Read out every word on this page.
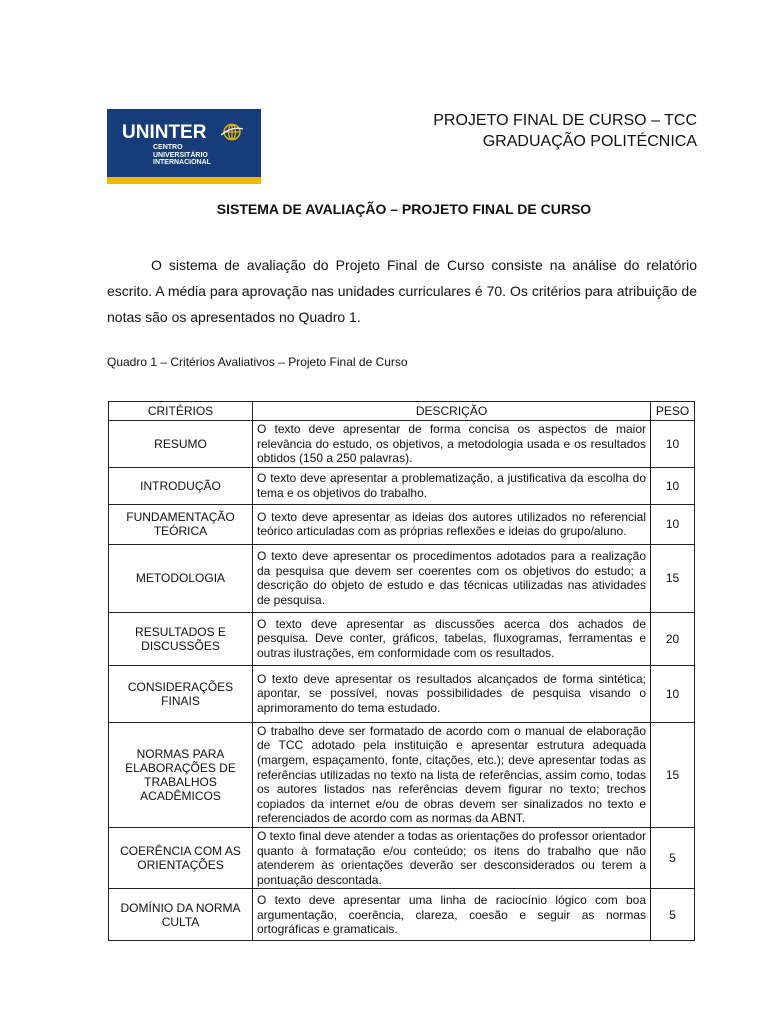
UNINTER
CENTRO
UNIVERSITÁRIO
INTERNACIONAL
PROJETO FINAL DE CURSO – TCC
GRADUAÇÃO POLITÉCNICA
SISTEMA DE AVALIAÇÃO – PROJETO FINAL DE CURSO

O sistema de avaliação do Projeto Final de Curso consiste na análise do relatório escrito. A média para aprovação nas unidades curriculares é 70. Os critérios para atribuição de notas são os apresentados no Quadro 1.

Quadro 1 – Critérios Avaliativos – Projeto Final de Curso
CRITÉRIOS	DESCRIÇÃO	PESO
RESUMO	O texto deve apresentar de forma concisa os aspectos de maior relevância do estudo, os objetivos, a metodologia usada e os resultados obtidos (150 a 250 palavras).	10
INTRODUÇÃO	O texto deve apresentar a problematização, a justificativa da escolha do tema e os objetivos do trabalho.	10
FUNDAMENTAÇÃO TEÓRICA	O texto deve apresentar as ideias dos autores utilizados no referencial teórico articuladas com as próprias reflexões e ideias do grupo/aluno.	10
METODOLOGIA	O texto deve apresentar os procedimentos adotados para a realização da pesquisa que devem ser coerentes com os objetivos do estudo; a descrição do objeto de estudo e das técnicas utilizadas nas atividades de pesquisa.	15
RESULTADOS E DISCUSSÕES	O texto deve apresentar as discussões acerca dos achados de pesquisa. Deve conter, gráficos, tabelas, fluxogramas, ferramentas e outras ilustrações, em conformidade com os resultados.	20
CONSIDERAÇÕES FINAIS	O texto deve apresentar os resultados alcançados de forma sintética; apontar, se possível, novas possibilidades de pesquisa visando o aprimoramento do tema estudado.	10
NORMAS PARA ELABORAÇÕES DE TRABALHOS ACADÊMICOS	O trabalho deve ser formatado de acordo com o manual de elaboração de TCC adotado pela instituição e apresentar estrutura adequada (margem, espaçamento, fonte, citações, etc.); deve apresentar todas as referências utilizadas no texto na lista de referências, assim como, todas os autores listados nas referências devem figurar no texto; trechos copiados da internet e/ou de obras devem ser sinalizados no texto e referenciados de acordo com as normas da ABNT.	15
COERÊNCIA COM AS ORIENTAÇÕES	O texto final deve atender a todas as orientações do professor orientador quanto à formatação e/ou conteúdo; os itens do trabalho que não atenderem às orientações deverão ser desconsiderados ou terem a pontuação descontada.	5
DOMÍNIO DA NORMA CULTA	O texto deve apresentar uma linha de raciocínio lógico com boa argumentação, coerência, clareza, coesão e seguir as normas ortográficas e gramaticais.	5
